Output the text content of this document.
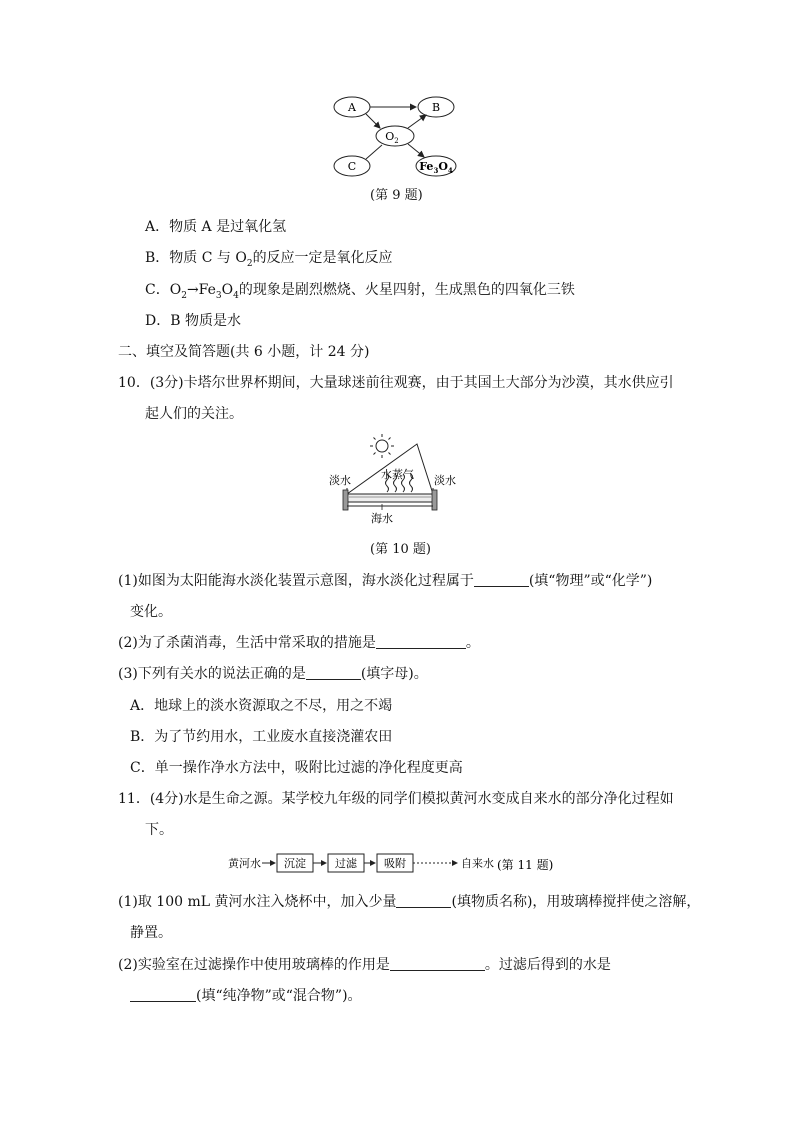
A	B
$O_2$
C	$Fe_3O_4$
(第 9 题)
A．物质 A 是过氧化氢
B．物质 C 与 $O_2$的反应一定是氧化反应
C．$O_2\to Fe_3O_4$的现象是剧烈燃烧、火星四射，生成黑色的四氧化三铁
D．B 物质是水
二、填空及简答题(共 6 小题，计 24 分)
10．(3分)卡塔尔世界杯期间，大量球迷前往观赛，由于其国土大部分为沙漠，其水供应引
起人们的关注。
淡水	淡水
水蒸气
海水
(第 10 题)
(1)如图为太阳能海水淡化装置示意图，海水淡化过程属于	(填“物理”或“化学”)
变化。
(2)为了杀菌消毒，生活中常采取的措施是	。
(3)下列有关水的说法正确的是	(填字母)。
A．地球上的淡水资源取之不尽，用之不竭
B．为了节约用水，工业废水直接浇灌农田
C．单一操作净水方法中，吸附比过滤的净化程度更高
11．(4分)水是生命之源。某学校九年级的同学们模拟黄河水变成自来水的部分净化过程如
下。
黄河水 沉淀	过滤 吸附	自来水 (第 11 题)
(1)取 100 mL 黄河水注入烧杯中，加入少量	(填物质名称)，用玻璃棒搅拌使之溶解，
静置。
(2)实验室在过滤操作中使用玻璃棒的作用是	。过滤后得到的水是
(填“纯净物”或“混合物”)。
